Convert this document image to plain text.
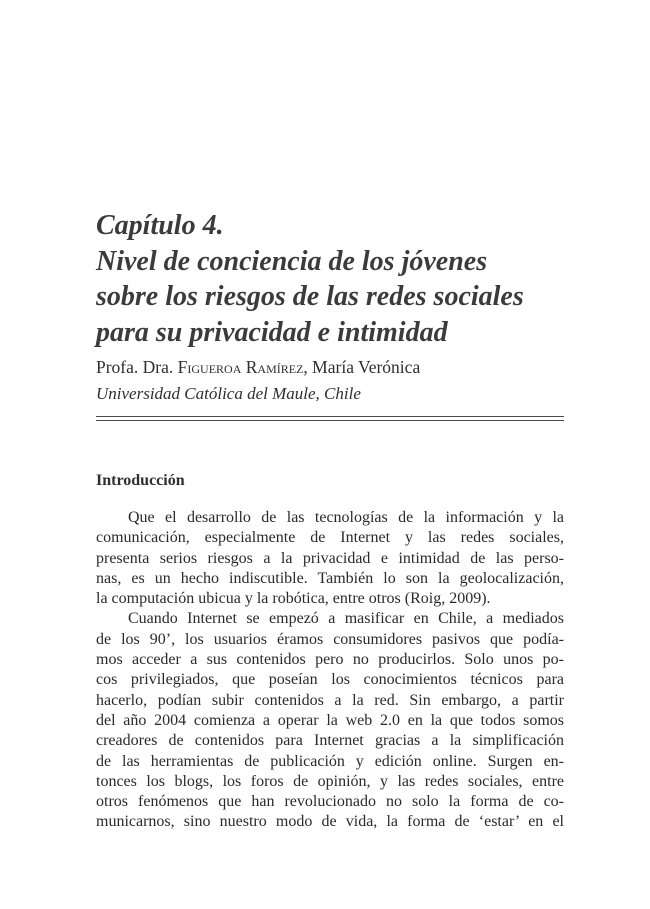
Capítulo 4.
Nivel de conciencia de los jóvenes
sobre los riesgos de las redes sociales
para su privacidad e intimidad

Profa. Dra. Figueroa Ramírez, María Verónica

Universidad Católica del Maule, Chile

Introducción

Que el desarrollo de las tecnologías de la información y la
comunicación, especialmente de Internet y las redes sociales,
presenta serios riesgos a la privacidad e intimidad de las perso-
nas, es un hecho indiscutible. También lo son la geolocalización,
la computación ubicua y la robótica, entre otros (Roig, 2009).

Cuando Internet se empezó a masificar en Chile, a mediados
de los 90’, los usuarios éramos consumidores pasivos que podía-
mos acceder a sus contenidos pero no producirlos. Solo unos po-
cos privilegiados, que poseían los conocimientos técnicos para
hacerlo, podían subir contenidos a la red. Sin embargo, a partir
del año 2004 comienza a operar la web 2.0 en la que todos somos
creadores de contenidos para Internet gracias a la simplificación
de las herramientas de publicación y edición online. Surgen en-
tonces los blogs, los foros de opinión, y las redes sociales, entre
otros fenómenos que han revolucionado no solo la forma de co-
municarnos, sino nuestro modo de vida, la forma de ‘estar’ en el
